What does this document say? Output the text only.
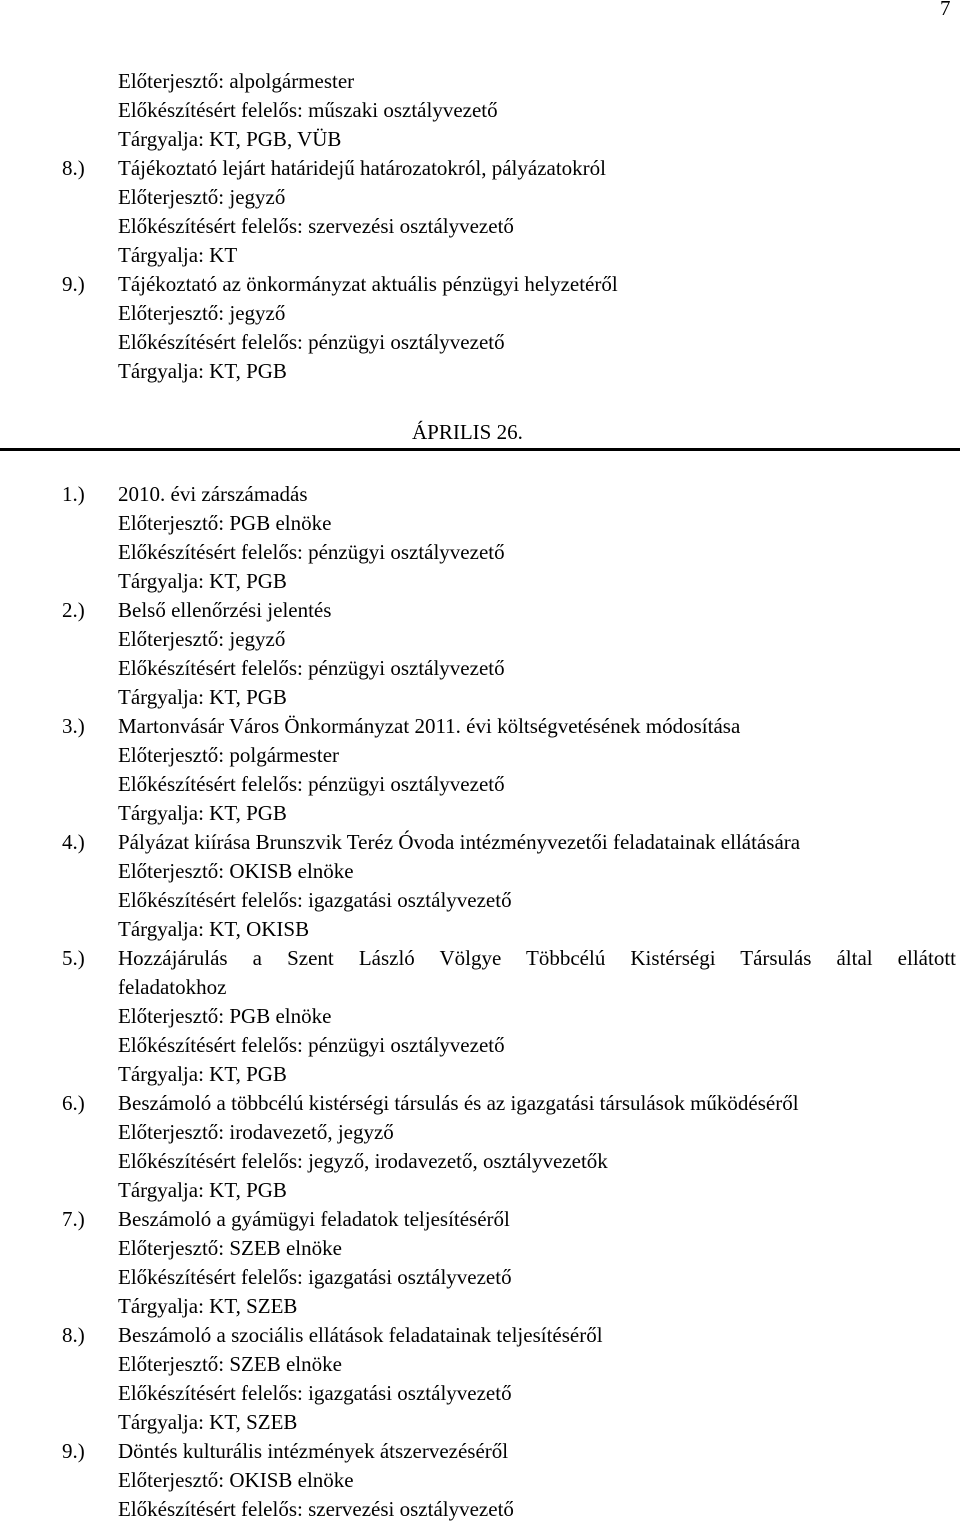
7
Előterjesztő: alpolgármester
Előkészítésért felelős: műszaki osztályvezető
Tárgyalja: KT, PGB, VÜB
8.) Tájékoztató lejárt határidejű határozatokról, pályázatokról
Előterjesztő: jegyző
Előkészítésért felelős: szervezési osztályvezető
Tárgyalja: KT
9.) Tájékoztató az önkormányzat aktuális pénzügyi helyzetéről
Előterjesztő: jegyző
Előkészítésért felelős: pénzügyi osztályvezető
Tárgyalja: KT, PGB
ÁPRILIS 26.
1.) 2010. évi zárszámadás
Előterjesztő: PGB elnöke
Előkészítésért felelős: pénzügyi osztályvezető
Tárgyalja: KT, PGB
2.) Belső ellenőrzési jelentés
Előterjesztő: jegyző
Előkészítésért felelős: pénzügyi osztályvezető
Tárgyalja: KT, PGB
3.) Martonvásár Város Önkormányzat 2011. évi költségvetésének módosítása
Előterjesztő: polgármester
Előkészítésért felelős: pénzügyi osztályvezető
Tárgyalja: KT, PGB
4.) Pályázat kiírása Brunszvik Teréz Óvoda intézményvezetői feladatainak ellátására
Előterjesztő: OKISB elnöke
Előkészítésért felelős: igazgatási osztályvezető
Tárgyalja: KT, OKISB
5.) Hozzájárulás a Szent László Völgye Többcélú Kistérségi Társulás által ellátott
feladatokhoz
Előterjesztő: PGB elnöke
Előkészítésért felelős: pénzügyi osztályvezető
Tárgyalja: KT, PGB
6.) Beszámoló a többcélú kistérségi társulás és az igazgatási társulások működéséről
Előterjesztő: irodavezető, jegyző
Előkészítésért felelős: jegyző, irodavezető, osztályvezetők
Tárgyalja: KT, PGB
7.) Beszámoló a gyámügyi feladatok teljesítéséről
Előterjesztő: SZEB elnöke
Előkészítésért felelős: igazgatási osztályvezető
Tárgyalja: KT, SZEB
8.) Beszámoló a szociális ellátások feladatainak teljesítéséről
Előterjesztő: SZEB elnöke
Előkészítésért felelős: igazgatási osztályvezető
Tárgyalja: KT, SZEB
9.) Döntés kulturális intézmények átszervezéséről
Előterjesztő: OKISB elnöke
Előkészítésért felelős: szervezési osztályvezető
